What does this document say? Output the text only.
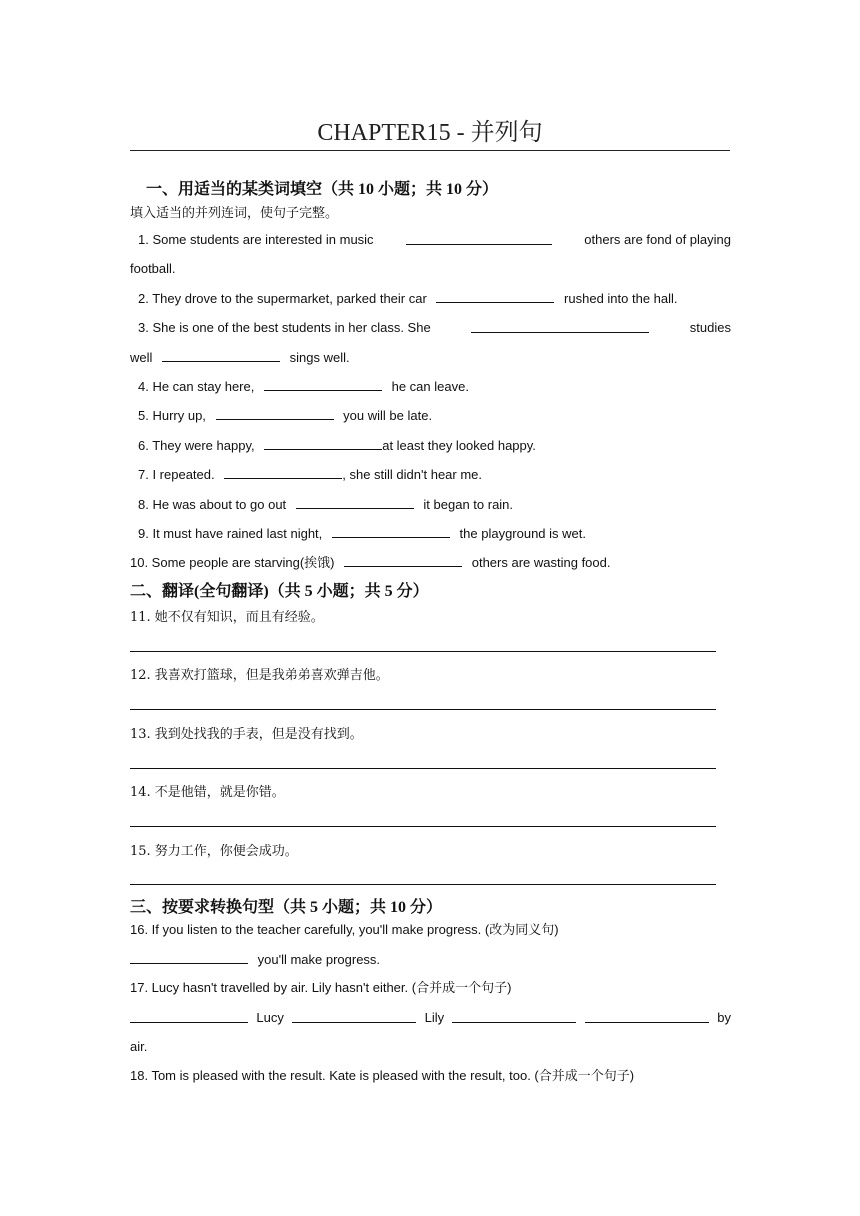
CHAPTER15 - 并列句
一、用适当的某类词填空（共 10 小题；共 10 分）
填入适当的并列连词，使句子完整。
1. Some students are interested in music	others are fond of playing
football.
2. They drove to the supermarket, parked their car	rushed into the hall.
3. She is one of the best students in her class. She	studies
well	sings well.
4. He can stay here,	he can leave.
5. Hurry up,	you will be late.
6. They were happy,	at least they looked happy.
7. I repeated.	, she still didn't hear me.
8. He was about to go out	it began to rain.
9. It must have rained last night,	the playground is wet.
10. Some people are starving(挨饿)	others are wasting food.
二、翻译(全句翻译)（共 5 小题；共 5 分）
11. 她不仅有知识，而且有经验。
12. 我喜欢打篮球，但是我弟弟喜欢弹吉他。
13. 我到处找我的手表，但是没有找到。
14. 不是他错，就是你错。
15. 努力工作，你便会成功。
三、按要求转换句型（共 5 小题；共 10 分）
16. If you listen to the teacher carefully, you'll make progress. (改为同义句)
you'll make progress.
17. Lucy hasn't travelled by air. Lily hasn't either. (合并成一个句子)
Lucy	Lily	by
air.
18. Tom is pleased with the result. Kate is pleased with the result, too. (合并成一个句子)
